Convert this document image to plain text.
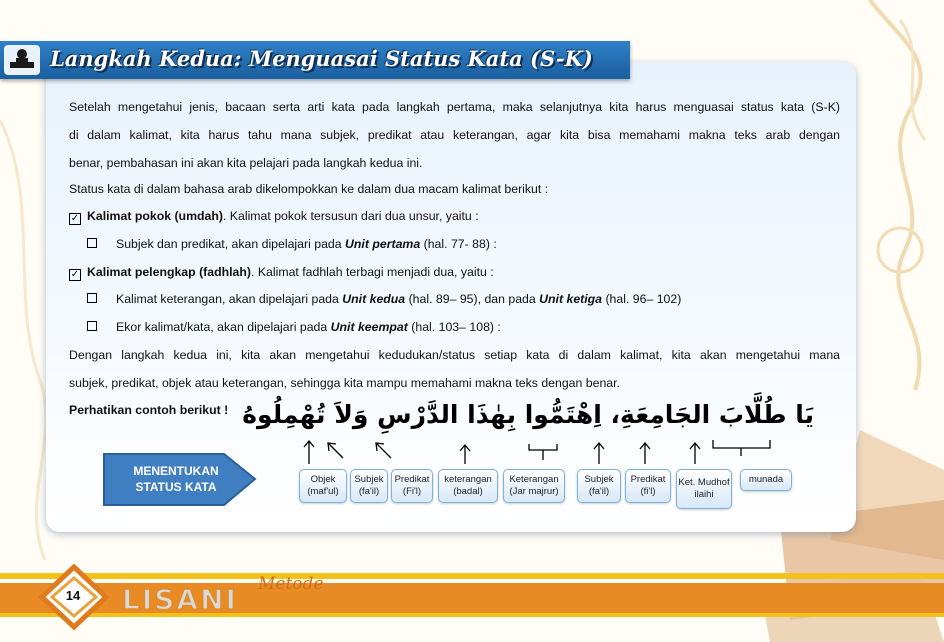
Langkah Kedua: Menguasai Status Kata (S-K)
Setelah mengetahui jenis, bacaan serta arti kata pada langkah pertama, maka selanjutnya kita harus menguasai status kata (S-K)
di dalam kalimat, kita harus tahu mana subjek, predikat atau keterangan, agar kita bisa memahami makna teks arab dengan
benar, pembahasan ini akan kita pelajari pada langkah kedua ini.
Status kata di dalam bahasa arab dikelompokkan ke dalam dua macam kalimat berikut :
✓ Kalimat pokok (umdah). Kalimat pokok tersusun dari dua unsur, yaitu :
Subjek dan predikat, akan dipelajari pada Unit pertama (hal. 77- 88) :
✓ Kalimat pelengkap (fadhlah). Kalimat fadhlah terbagi menjadi dua, yaitu :
Kalimat keterangan, akan dipelajari pada Unit kedua (hal. 89– 95), dan pada Unit ketiga (hal. 96– 102)
Ekor kalimat/kata, akan dipelajari pada Unit keempat (hal. 103– 108) :
Dengan langkah kedua ini, kita akan mengetahui kedudukan/status setiap kata di dalam kalimat, kita akan mengetahui mana
subjek, predikat, objek atau keterangan, sehingga kita mampu memahami makna teks dengan benar.
Perhatikan contoh berikut ! يَا طُلَّابَ الجَامِعَةِ، اِهْتَمُّوا بِهٰذَا الدَّرْسِ وَلاَ تُهْمِلُوهُ
Objek (maf'ul)
Subjek (fa'il)
Predikat (Fi'l)
keterangan (badal)
Keterangan (Jar majrur)
Subjek (fa'il)
Predikat (fi'l)
Ket. Mudhof ilaihi
munada
MENENTUKAN STATUS KATA
14 LISANI Metode
